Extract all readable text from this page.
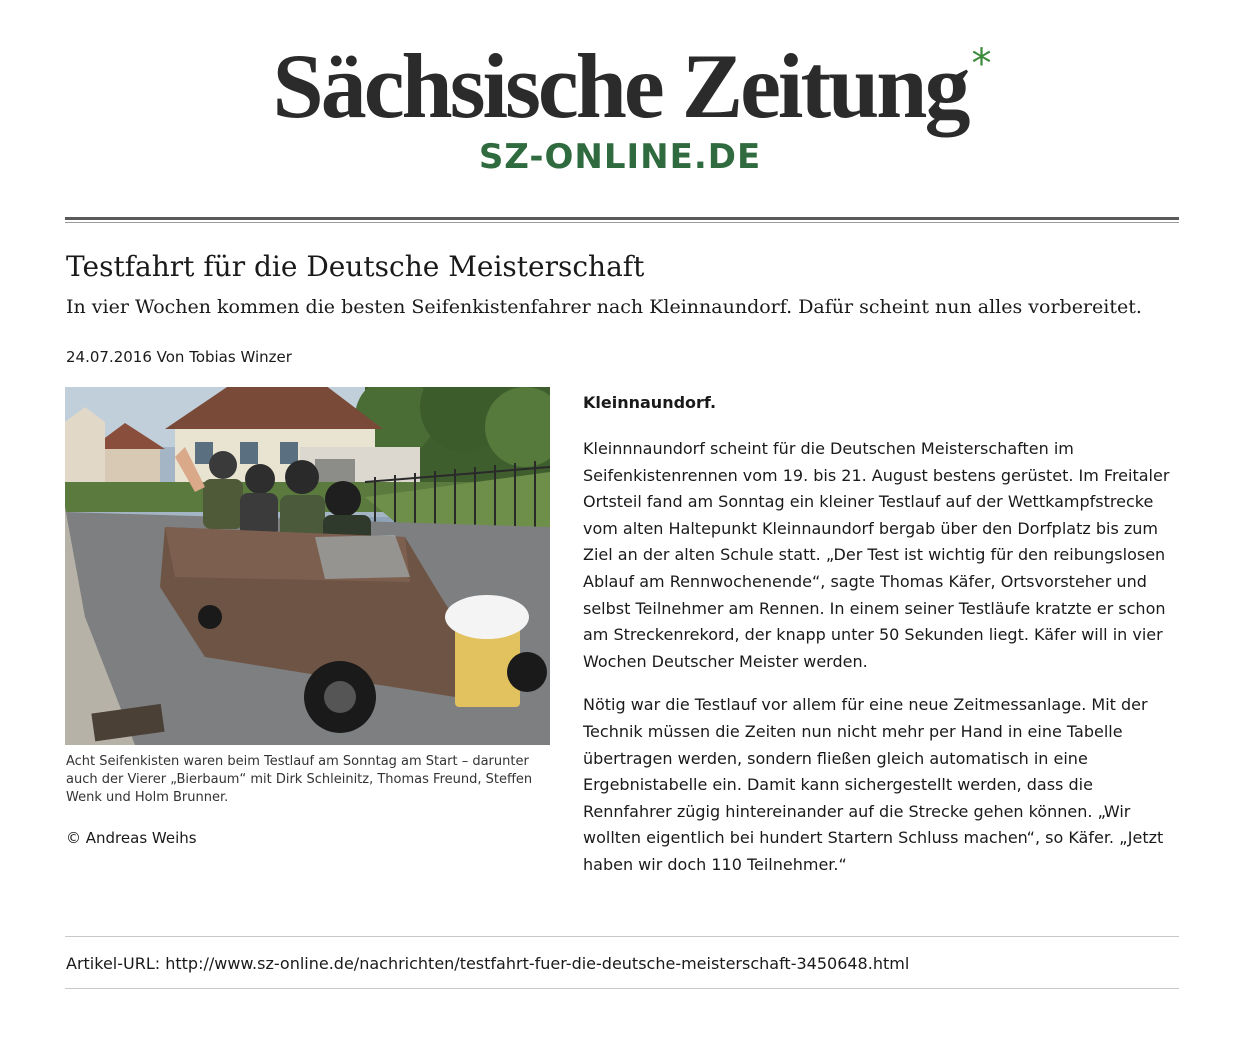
Sächsische Zeitung *
SZ-ONLINE.DE
Testfahrt für die Deutsche Meisterschaft

In vier Wochen kommen die besten Seifenkistenfahrer nach Kleinnaundorf. Dafür scheint nun alles vorbereitet.

24.07.2016 Von Tobias Winzer
Acht Seifenkisten waren beim Testlauf am Sonntag am Start – darunter auch der Vierer „Bierbaum“ mit Dirk Schleinitz, Thomas Freund, Steffen Wenk und Holm Brunner.
© Andreas Weihs

Kleinnaundorf.

Kleinnnaundorf scheint für die Deutschen Meisterschaften im Seifenkistenrennen vom 19. bis 21. August bestens gerüstet. Im Freitaler Ortsteil fand am Sonntag ein kleiner Testlauf auf der Wettkampfstrecke vom alten Haltepunkt Kleinnaundorf bergab über den Dorfplatz bis zum Ziel an der alten Schule statt. „Der Test ist wichtig für den reibungslosen Ablauf am Rennwochenende“, sagte Thomas Käfer, Ortsvorsteher und selbst Teilnehmer am Rennen. In einem seiner Testläufe kratzte er schon am Streckenrekord, der knapp unter 50 Sekunden liegt. Käfer will in vier Wochen Deutscher Meister werden.

Nötig war die Testlauf vor allem für eine neue Zeitmessanlage. Mit der Technik müssen die Zeiten nun nicht mehr per Hand in eine Tabelle übertragen werden, sondern fließen gleich automatisch in eine Ergebnistabelle ein. Damit kann sichergestellt werden, dass die Rennfahrer zügig hintereinander auf die Strecke gehen können. „Wir wollten eigentlich bei hundert Startern Schluss machen“, so Käfer. „Jetzt haben wir doch 110 Teilnehmer.“

Artikel-URL: http://www.sz-online.de/nachrichten/testfahrt-fuer-die-deutsche-meisterschaft-3450648.html
